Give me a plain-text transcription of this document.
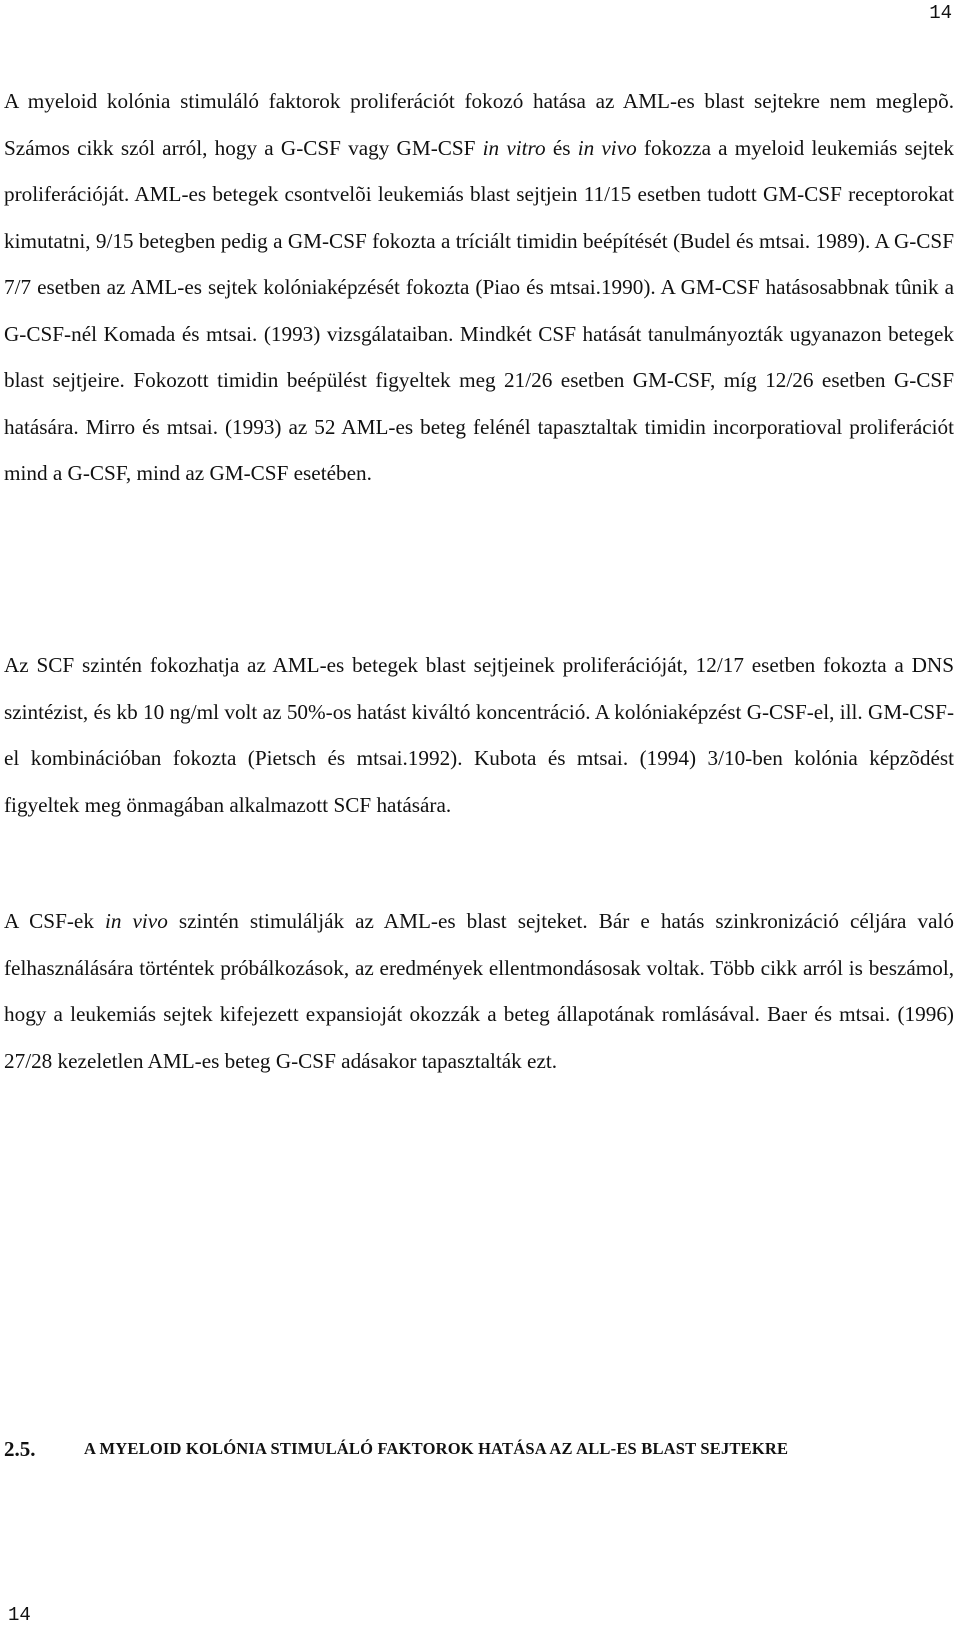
14

A myeloid kolónia stimuláló faktorok proliferációt fokozó hatása az AML-es blast sejtekre nem meglepõ. Számos cikk szól arról, hogy a G-CSF vagy GM-CSF in vitro és in vivo fokozza a myeloid leukemiás sejtek proliferációját. AML-es betegek csontvelõi leukemiás blast sejtjein 11/15 esetben tudott GM-CSF receptorokat kimutatni, 9/15 betegben pedig a GM-CSF fokozta a tríciált timidin beépítését (Budel és mtsai. 1989). A G-CSF 7/7 esetben az AML-es sejtek kolóniaképzését fokozta (Piao és mtsai.1990). A GM-CSF hatásosabbnak tûnik a G-CSF-nél Komada és mtsai. (1993) vizsgálataiban. Mindkét CSF hatását tanulmányozták ugyanazon betegek blast sejtjeire. Fokozott timidin beépülést figyeltek meg 21/26 esetben GM-CSF, míg 12/26 esetben G-CSF hatására. Mirro és mtsai. (1993) az 52 AML-es beteg felénél tapasztaltak timidin incorporatioval proliferációt mind a G-CSF, mind az GM-CSF esetében.

Az SCF szintén fokozhatja az AML-es betegek blast sejtjeinek proliferációját, 12/17 esetben fokozta a DNS szintézist, és kb 10 ng/ml volt az 50%-os hatást kiváltó koncentráció. A kolóniaképzést G-CSF-el, ill. GM-CSF-el kombinációban fokozta (Pietsch és mtsai.1992). Kubota és mtsai. (1994) 3/10-ben kolónia képzõdést figyeltek meg önmagában alkalmazott SCF hatására.

A CSF-ek in vivo szintén stimulálják az AML-es blast sejteket. Bár e hatás szinkronizáció céljára való felhasználására történtek próbálkozások, az eredmények ellentmondásosak voltak. Több cikk arról is beszámol, hogy a leukemiás sejtek kifejezett expansioját okozzák a beteg állapotának romlásával. Baer és mtsai. (1996) 27/28 kezeletlen AML-es beteg G-CSF adásakor tapasztalták ezt.

2.5.	A MYELOID KOLÓNIA STIMULÁLÓ FAKTOROK HATÁSA AZ ALL-ES BLAST SEJTEKRE
14
